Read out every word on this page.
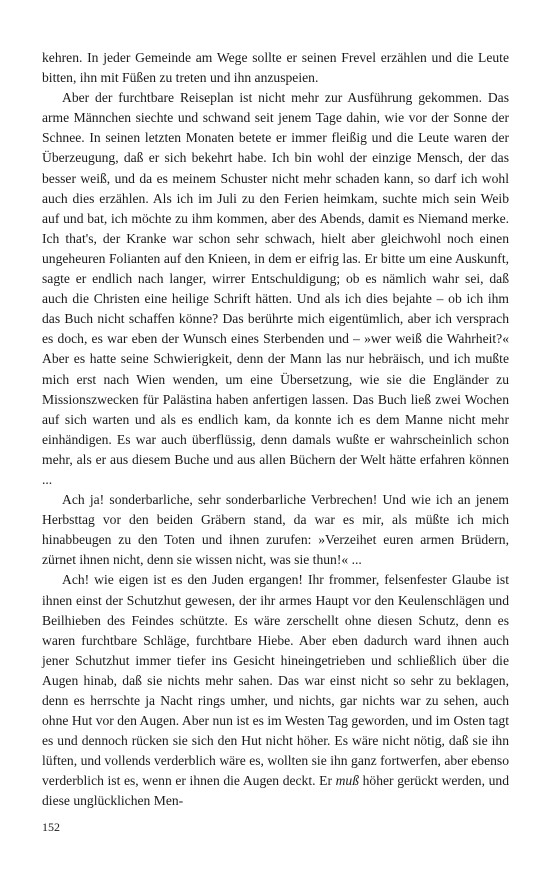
kehren. In jeder Gemeinde am Wege sollte er seinen Frevel erzählen und die Leute bitten, ihn mit Füßen zu treten und ihn anzuspeien.

Aber der furchtbare Reiseplan ist nicht mehr zur Ausführung gekommen. Das arme Männchen siechte und schwand seit jenem Tage dahin, wie vor der Sonne der Schnee. In seinen letzten Monaten betete er immer fleißig und die Leute waren der Überzeugung, daß er sich bekehrt habe. Ich bin wohl der einzige Mensch, der das besser weiß, und da es meinem Schuster nicht mehr schaden kann, so darf ich wohl auch dies erzählen. Als ich im Juli zu den Ferien heimkam, suchte mich sein Weib auf und bat, ich möchte zu ihm kommen, aber des Abends, damit es Niemand merke. Ich that's, der Kranke war schon sehr schwach, hielt aber gleichwohl noch einen ungeheuren Folianten auf den Knieen, in dem er eifrig las. Er bitte um eine Auskunft, sagte er endlich nach langer, wirrer Entschuldigung; ob es nämlich wahr sei, daß auch die Christen eine heilige Schrift hätten. Und als ich dies bejahte – ob ich ihm das Buch nicht schaffen könne? Das berührte mich eigentümlich, aber ich versprach es doch, es war eben der Wunsch eines Sterbenden und – »wer weiß die Wahrheit?« Aber es hatte seine Schwierigkeit, denn der Mann las nur hebräisch, und ich mußte mich erst nach Wien wenden, um eine Übersetzung, wie sie die Engländer zu Missionszwecken für Palästina haben anfertigen lassen. Das Buch ließ zwei Wochen auf sich warten und als es endlich kam, da konnte ich es dem Manne nicht mehr einhändigen. Es war auch überflüssig, denn damals wußte er wahrscheinlich schon mehr, als er aus diesem Buche und aus allen Büchern der Welt hätte erfahren können ...

Ach ja! sonderbarliche, sehr sonderbarliche Verbrechen! Und wie ich an jenem Herbsttag vor den beiden Gräbern stand, da war es mir, als müßte ich mich hinabbeugen zu den Toten und ihnen zurufen: »Verzeihet euren armen Brüdern, zürnet ihnen nicht, denn sie wissen nicht, was sie thun!« ...

Ach! wie eigen ist es den Juden ergangen! Ihr frommer, felsenfester Glaube ist ihnen einst der Schutzhut gewesen, der ihr armes Haupt vor den Keulenschlägen und Beilhieben des Feindes schützte. Es wäre zerschellt ohne diesen Schutz, denn es waren furchtbare Schläge, furchtbare Hiebe. Aber eben dadurch ward ihnen auch jener Schutzhut immer tiefer ins Gesicht hineingetrieben und schließlich über die Augen hinab, daß sie nichts mehr sahen. Das war einst nicht so sehr zu beklagen, denn es herrschte ja Nacht rings umher, und nichts, gar nichts war zu sehen, auch ohne Hut vor den Augen. Aber nun ist es im Westen Tag geworden, und im Osten tagt es und dennoch rücken sie sich den Hut nicht höher. Es wäre nicht nötig, daß sie ihn lüften, und vollends verderblich wäre es, wollten sie ihn ganz fortwerfen, aber ebenso verderblich ist es, wenn er ihnen die Augen deckt. Er muß höher gerückt werden, und diese unglücklichen Men-

152
